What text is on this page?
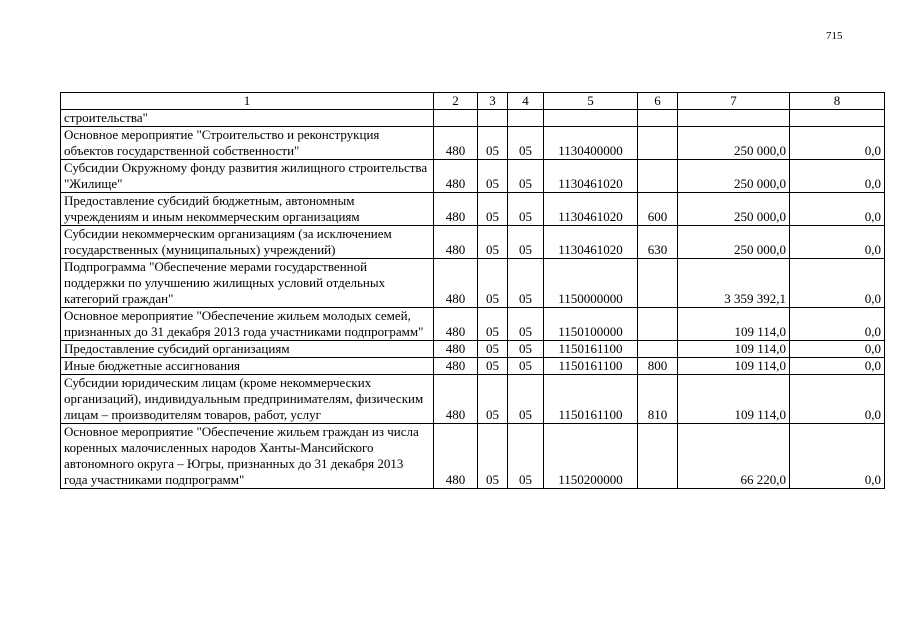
715
1	2	3	4	5	6	7	8
строительства"							
Основное мероприятие "Строительство и реконструкция объектов государственной собственности"	480	05	05	1130400000		250 000,0	0,0
Субсидии Окружному фонду развития жилищного строительства "Жилище"	480	05	05	1130461020		250 000,0	0,0
Предоставление субсидий бюджетным, автономным учреждениям и иным некоммерческим организациям	480	05	05	1130461020	600	250 000,0	0,0
Субсидии некоммерческим организациям (за исключением государственных (муниципальных) учреждений)	480	05	05	1130461020	630	250 000,0	0,0
Подпрограмма "Обеспечение мерами государственной поддержки по улучшению жилищных условий отдельных категорий граждан"	480	05	05	1150000000		3 359 392,1	0,0
Основное мероприятие "Обеспечение жильем молодых семей, признанных до 31 декабря 2013 года участниками подпрограмм"	480	05	05	1150100000		109 114,0	0,0
Предоставление субсидий организациям	480	05	05	1150161100		109 114,0	0,0
Иные бюджетные ассигнования	480	05	05	1150161100	800	109 114,0	0,0
Субсидии юридическим лицам (кроме некоммерческих организаций), индивидуальным предпринимателям, физическим лицам – производителям товаров, работ, услуг	480	05	05	1150161100	810	109 114,0	0,0
Основное мероприятие "Обеспечение жильем граждан из числа коренных малочисленных народов Ханты-Мансийского автономного округа – Югры, признанных до 31 декабря 2013 года участниками подпрограмм"	480	05	05	1150200000		66 220,0	0,0
